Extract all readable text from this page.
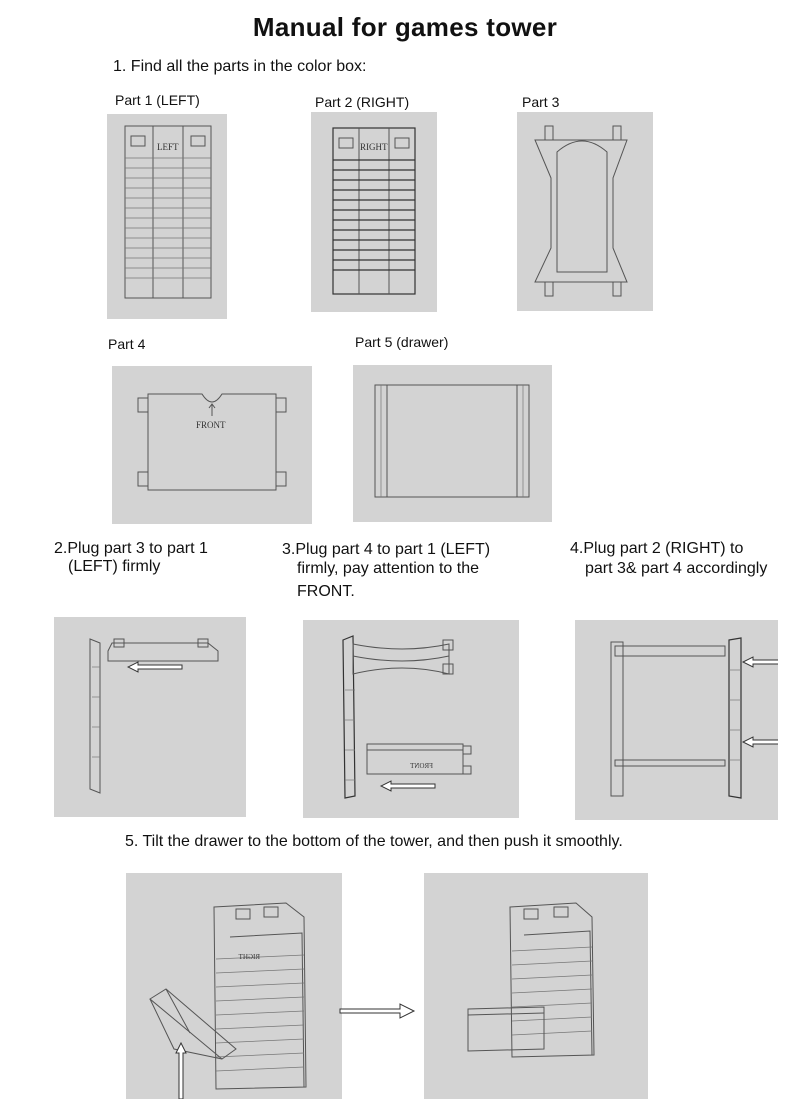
Manual for games tower
1. Find all the parts in the color box:
Part 1 (LEFT)	Part 2 (RIGHT)	Part 3
Part 4	Part 5 (drawer)
LEFT	RIGHT
FRONT
2.Plug part 3 to part 1
(LEFT) firmly
3.Plug part 4 to part 1 (LEFT)
firmly, pay attention to the
FRONT.
4.Plug part 2 (RIGHT) to
part 3& part 4 accordingly
FRONT
5. Tilt the drawer to the bottom of the tower, and then push it smoothly.
RIGHT
